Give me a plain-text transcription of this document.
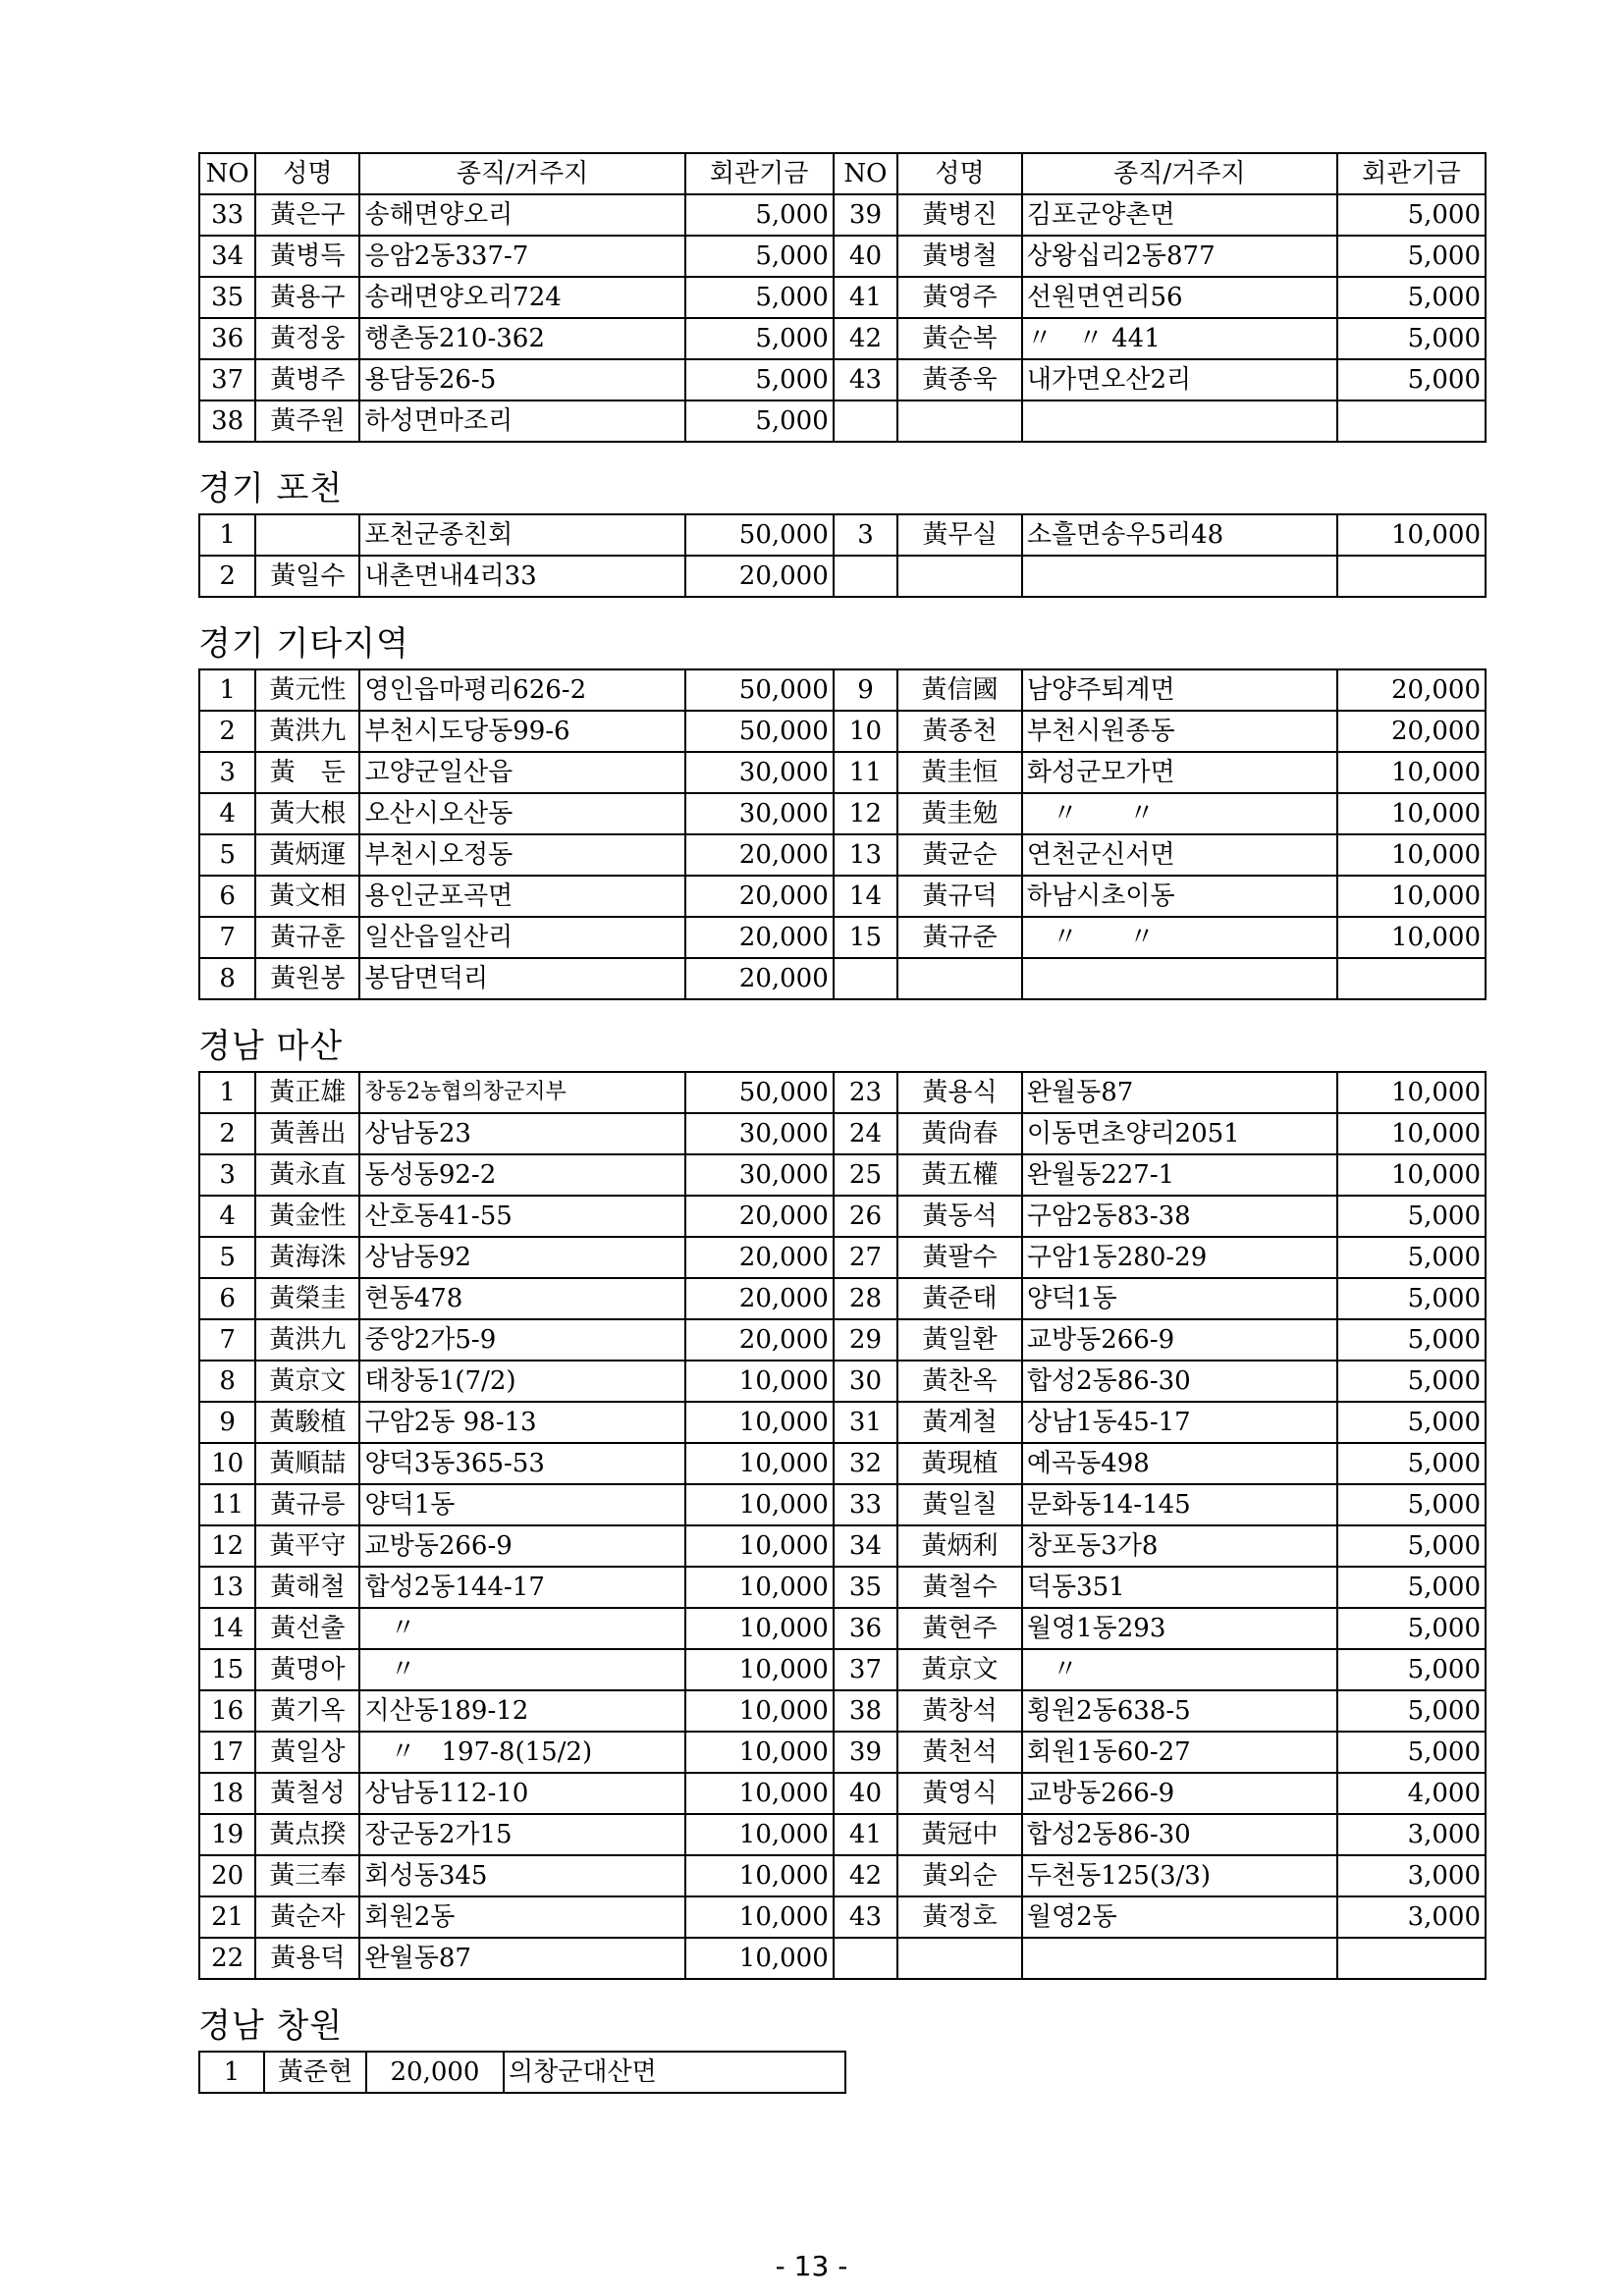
NO	성명	종직/거주지	회관기금	NO	성명	종직/거주지	회관기금
33	黃은구	송해면양오리	5,000	39	黃병진	김포군양촌면	5,000
34	黃병득	응암2동337-7	5,000	40	黃병철	상왕십리2동877	5,000
35	黃용구	송래면양오리724	5,000	41	黃영주	선원면연리56	5,000
36	黃정웅	행촌동210-362	5,000	42	黃순복	〃　〃 441	5,000
37	黃병주	용담동26-5	5,000	43	黃종욱	내가면오산2리	5,000
38	黃주원	하성면마조리	5,000				
경기 포천
1		포천군종친회	50,000	3	黃무실	소흘면송우5리48	10,000
2	黃일수	내촌면내4리33	20,000				
경기 기타지역
1	黃元性	영인읍마평리626-2	50,000	9	黃信國	남양주퇴계면	20,000
2	黃洪九	부천시도당동99-6	50,000	10	黃종천	부천시원종동	20,000
3	黃　둔	고양군일산읍	30,000	11	黃圭恒	화성군모가면	10,000
4	黃大根	오산시오산동	30,000	12	黃圭勉	　〃　　〃	10,000
5	黃炳運	부천시오정동	20,000	13	黃균순	연천군신서면	10,000
6	黃文相	용인군포곡면	20,000	14	黃규덕	하남시초이동	10,000
7	黃규훈	일산읍일산리	20,000	15	黃규준	　〃　　〃	10,000
8	黃원봉	봉담면덕리	20,000				
경남 마산
1	黃正雄	창동2농협의창군지부	50,000	23	黃용식	완월동87	10,000
2	黃善出	상남동23	30,000	24	黃尙春	이동면초양리2051	10,000
3	黃永直	동성동92-2	30,000	25	黃五權	완월동227-1	10,000
4	黃金性	산호동41-55	20,000	26	黃동석	구암2동83-38	5,000
5	黃海洙	상남동92	20,000	27	黃팔수	구암1동280-29	5,000
6	黃榮圭	현동478	20,000	28	黃준태	양덕1동	5,000
7	黃洪九	중앙2가5-9	20,000	29	黃일환	교방동266-9	5,000
8	黃京文	태창동1(7/2)	10,000	30	黃찬옥	합성2동86-30	5,000
9	黃駿植	구암2동 98-13	10,000	31	黃계철	상남1동45-17	5,000
10	黃順喆	양덕3동365-53	10,000	32	黃現植	예곡동498	5,000
11	黃규릉	양덕1동	10,000	33	黃일칠	문화동14-145	5,000
12	黃平守	교방동266-9	10,000	34	黃炳利	창포동3가8	5,000
13	黃해철	합성2동144-17	10,000	35	黃철수	덕동351	5,000
14	黃선출	　〃	10,000	36	黃현주	월영1동293	5,000
15	黃명아	　〃	10,000	37	黃京文	　〃	5,000
16	黃기옥	지산동189-12	10,000	38	黃창석	횡원2동638-5	5,000
17	黃일상	　〃　197-8(15/2)	10,000	39	黃천석	회원1동60-27	5,000
18	黃철성	상남동112-10	10,000	40	黃영식	교방동266-9	4,000
19	黃点揆	장군동2가15	10,000	41	黃冠中	합성2동86-30	3,000
20	黃三奉	회성동345	10,000	42	黃외순	두천동125(3/3)	3,000
21	黃순자	회원2동	10,000	43	黃정호	월영2동	3,000
22	黃용덕	완월동87	10,000				
경남 창원
1	黃준현	20,000	의창군대산면
- 13 -
